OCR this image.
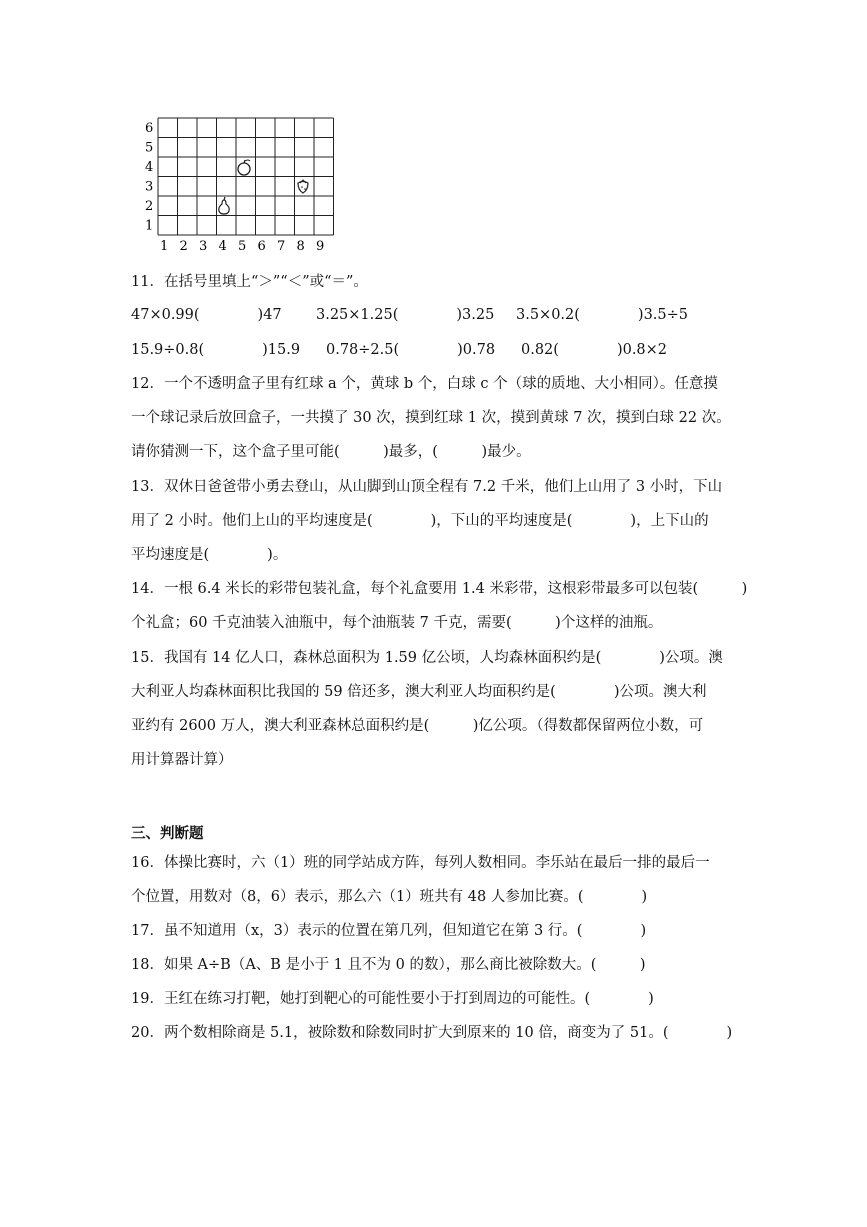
6
5
4
3
2
1
1 2 3 4 5 6 7 8 9
11．在括号里填上“＞”“＜”或“＝”。
47×0.99(　　　　)47 3.25×1.25(　　　　)3.25 3.5×0.2(　　　　)3.5÷5
15.9÷0.8(　　　　)15.9 0.78÷2.5(　　　　)0.78 0.82(　　　　)0.8×2
12．一个不透明盒子里有红球 a 个，黄球 b 个，白球 c 个（球的质地、大小相同）。任意摸
一个球记录后放回盒子，一共摸了 30 次，摸到红球 1 次，摸到黄球 7 次，摸到白球 22 次。
请你猜测一下，这个盒子里可能(　　　)最多，(　　　)最少。
13．双休日爸爸带小勇去登山，从山脚到山顶全程有 7.2 千米，他们上山用了 3 小时，下山
用了 2 小时。他们上山的平均速度是(　　　　)，下山的平均速度是(　　　　)，上下山的
平均速度是(　　　　)。
14．一根 6.4 米长的彩带包装礼盒，每个礼盒要用 1.4 米彩带，这根彩带最多可以包装(　　　)
个礼盒；60 千克油装入油瓶中，每个油瓶装 7 千克，需要(　　　)个这样的油瓶。
15．我国有 14 亿人口，森林总面积为 1.59 亿公顷，人均森林面积约是(　　　　)公项。澳
大利亚人均森林面积比我国的 59 倍还多，澳大利亚人均面积约是(　　　　)公项。澳大利
亚约有 2600 万人，澳大利亚森林总面积约是(　　　)亿公项。（得数都保留两位小数，可
用计算器计算）
三、判断题
16．体操比赛时，六（1）班的同学站成方阵，每列人数相同。李乐站在最后一排的最后一
个位置，用数对（8，6）表示，那么六（1）班共有 48 人参加比赛。(　　　　)
17．虽不知道用（x，3）表示的位置在第几列，但知道它在第 3 行。(　　　　)
18．如果 A÷B（A、B 是小于 1 且不为 0 的数），那么商比被除数大。(　　　)
19．王红在练习打靶，她打到靶心的可能性要小于打到周边的可能性。(　　　　)
20．两个数相除商是 5.1，被除数和除数同时扩大到原来的 10 倍，商变为了 51。(　　　　)
